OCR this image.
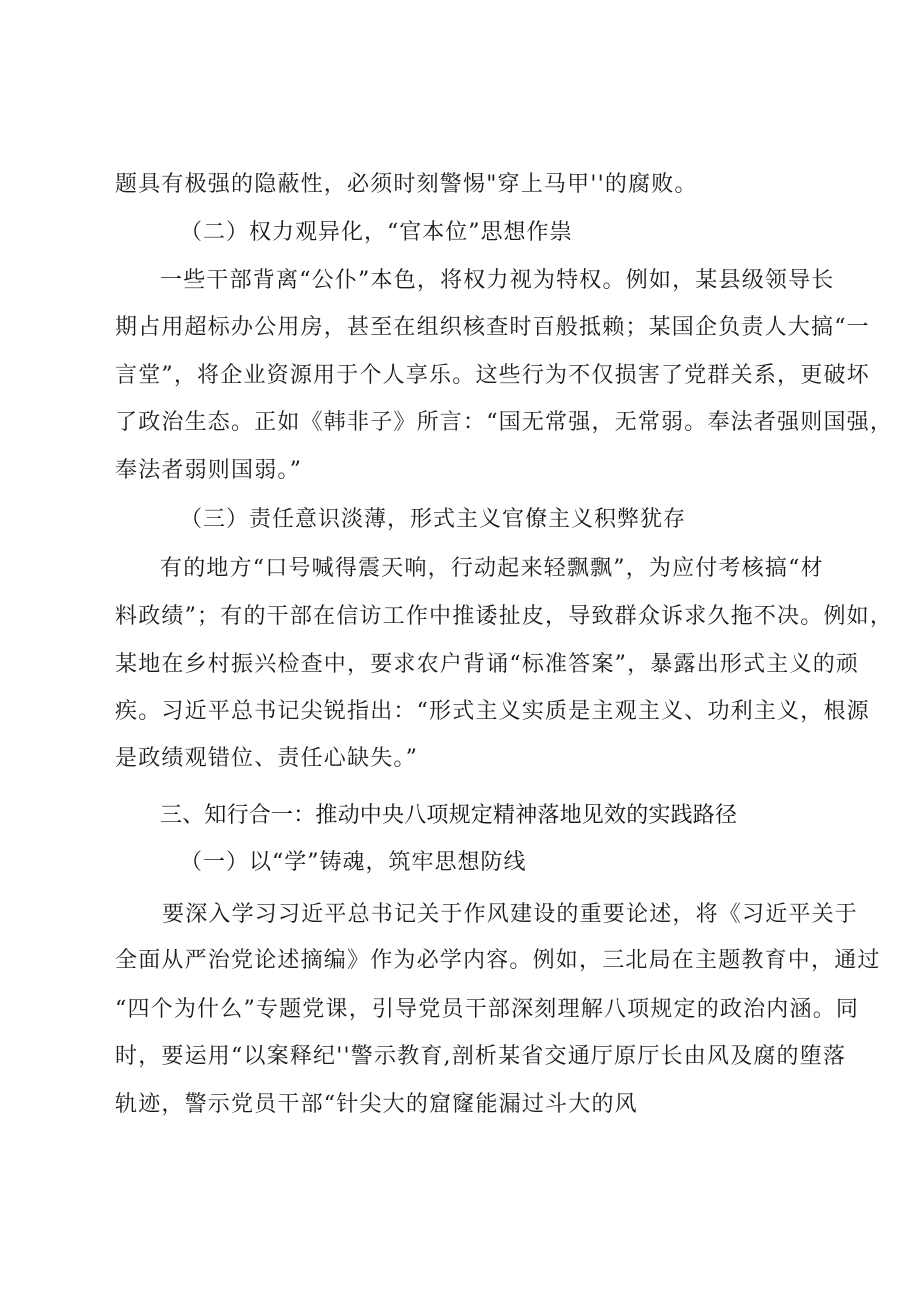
题具有极强的隐蔽性，必须时刻警惕"穿上马甲''的腐败。
（二）权力观异化，“官本位”思想作祟
一些干部背离“公仆”本色，将权力视为特权。例如，某县级领导长
期占用超标办公用房，甚至在组织核查时百般抵赖；某国企负责人大搞“一
言堂”，将企业资源用于个人享乐。这些行为不仅损害了党群关系，更破坏
了政治生态。正如《韩非子》所言：“国无常强，无常弱。奉法者强则国强，
奉法者弱则国弱。”
（三）责任意识淡薄，形式主义官僚主义积弊犹存
有的地方“口号喊得震天响，行动起来轻飘飘”，为应付考核搞“材
料政绩”；有的干部在信访工作中推诿扯皮，导致群众诉求久拖不决。例如，
某地在乡村振兴检查中，要求农户背诵“标准答案”，暴露出形式主义的顽
疾。习近平总书记尖锐指出：“形式主义实质是主观主义、功利主义，根源
是政绩观错位、责任心缺失。”
三、知行合一：推动中央八项规定精神落地见效的实践路径
（一）以“学”铸魂，筑牢思想防线
要深入学习习近平总书记关于作风建设的重要论述，将《习近平关于
全面从严治党论述摘编》作为必学内容。例如，三北局在主题教育中，通过
“四个为什么”专题党课，引导党员干部深刻理解八项规定的政治内涵。同
时，要运用“以案释纪''警示教育,剖析某省交通厅原厅长由风及腐的堕落
轨迹，警示党员干部“针尖大的窟窿能漏过斗大的风
